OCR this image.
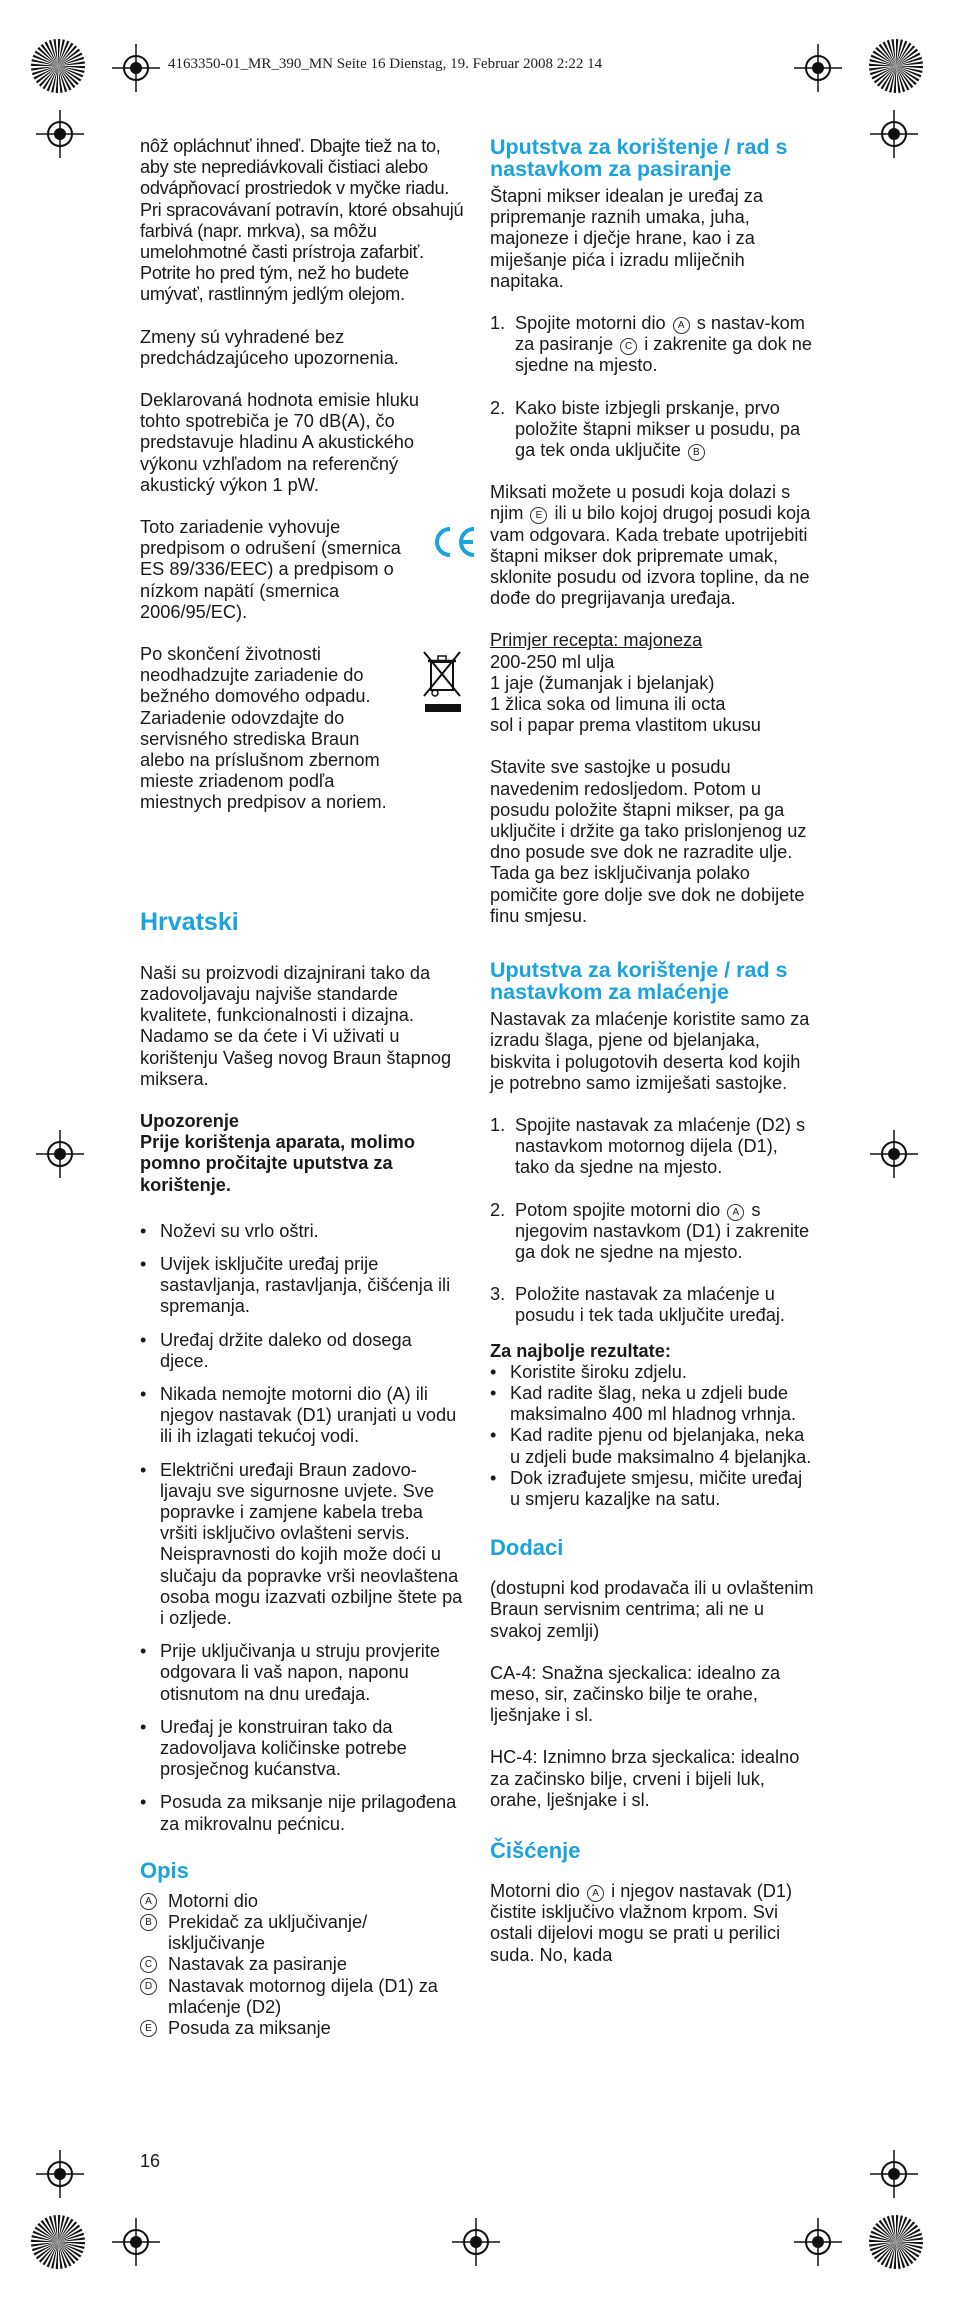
4163350-01_MR_390_MN Seite 16 Dienstag, 19. Februar 2008 2:22 14

nôž opláchnuť ihneď. Dbajte tiež na to, aby ste neprediávkovali čistiaci alebo odvápňovací prostriedok v myčke riadu.

Pri spracovávaní potravín, ktoré obsahujú farbivá (napr. mrkva), sa môžu umelohmotné časti prístroja zafarbiť. Potrite ho pred tým, než ho budete umývať, rastlinným jedlým olejom.

Zmeny sú vyhradené bez predchádzajúceho upozornenia.

Deklarovaná hodnota emisie hluku tohto spotrebiča je 70 dB(A), čo predstavuje hladinu A akustického výkonu vzhľadom na referenčný akustický výkon 1 pW.

Toto zariadenie vyhovuje predpisom o odrušení (smernica ES 89/336/EEC) a predpisom o nízkom napätí (smernica 2006/95/EC).

Po skončení životnosti neodhadzujte zariadenie do bežného domového odpadu. Zariadenie odovzdajte do servisného strediska Braun alebo na príslušnom zbernom mieste zriadenom podľa miestnych predpisov a noriem.

Hrvatski

Naši su proizvodi dizajnirani tako da zadovoljavaju najviše standarde kvalitete, funkcionalnosti i dizajna. Nadamo se da ćete i Vi uživati u korištenju Vašeg novog Braun štapnog miksera.

Upozorenje
Prije korištenja aparata, molimo pomno pročitajte uputstva za korištenje.
• Noževi su vrlo oštri.
• Uvijek isključite uređaj prije sastavljanja, rastavljanja, čišćenja ili spremanja.
• Uređaj držite daleko od dosega djece.
• Nikada nemojte motorni dio (A) ili njegov nastavak (D1) uranjati u vodu ili ih izlagati tekućoj vodi.
• Električni uređaji Braun zadovo-ljavaju sve sigurnosne uvjete. Sve popravke i zamjene kabela treba vršiti isključivo ovlašteni servis. Neispravnosti do kojih može doći u slučaju da popravke vrši neovlaštena osoba mogu izazvati ozbiljne štete pa i ozljede.
• Prije uključivanja u struju provjerite odgovara li vaš napon, naponu otisnutom na dnu uređaja.
• Uređaj je konstruiran tako da zadovoljava količinske potrebe prosječnog kućanstva.
• Posuda za miksanje nije prilagođena za mikrovalnu pećnicu.
Opis
A Motorni dio
B Prekidač za uključivanje/ isključivanje
C Nastavak za pasiranje
D Nastavak motornog dijela (D1) za mlaćenje (D2)
E Posuda za miksanje
16
Uputstva za korištenje / rad s nastavkom za pasiranje

Štapni mikser idealan je uređaj za pripremanje raznih umaka, juha, majoneze i dječje hrane, kao i za miješanje pića i izradu mliječnih napitaka.

1. Spojite motorni dio A s nastav-kom za pasiranje C i zakrenite ga dok ne sjedne na mjesto.
2. Kako biste izbjegli prskanje, prvo položite štapni mikser u posudu, pa ga tek onda uključite B

Miksati možete u posudi koja dolazi s njim E ili u bilo kojoj drugoj posudi koja vam odgovara. Kada trebate upotrijebiti štapni mikser dok pripremate umak, sklonite posudu od izvora topline, da ne dođe do pregrijavanja uređaja.

Primjer recepta: majoneza
200-250 ml ulja
1 jaje (žumanjak i bjelanjak)
1 žlica soka od limuna ili octa
sol i papar prema vlastitom ukusu

Stavite sve sastojke u posudu navedenim redosljedom. Potom u posudu položite štapni mikser, pa ga uključite i držite ga tako prislonjenog uz dno posude sve dok ne razradite ulje. Tada ga bez isključivanja polako pomičite gore dolje sve dok ne dobijete finu smjesu.

Uputstva za korištenje / rad s nastavkom za mlaćenje

Nastavak za mlaćenje koristite samo za izradu šlaga, pjene od bjelanjaka, biskvita i polugotovih deserta kod kojih je potrebno samo izmiješati sastojke.

1. Spojite nastavak za mlaćenje (D2) s nastavkom motornog dijela (D1), tako da sjedne na mjesto.
2. Potom spojite motorni dio A s njegovim nastavkom (D1) i zakrenite ga dok ne sjedne na mjesto.
3. Položite nastavak za mlaćenje u posudu i tek tada uključite uređaj.
Za najbolje rezultate:
• Koristite široku zdjelu.
• Kad radite šlag, neka u zdjeli bude maksimalno 400 ml hladnog vrhnja.
• Kad radite pjenu od bjelanjaka, neka u zdjeli bude maksimalno 4 bjelanjka.
• Dok izrađujete smjesu, mičite uređaj u smjeru kazaljke na satu.
Dodaci

(dostupni kod prodavača ili u ovlaštenim Braun servisnim centrima; ali ne u svakoj zemlji)

CA-4: Snažna sjeckalica: idealno za meso, sir, začinsko bilje te orahe, lješnjake i sl.

HC-4: Iznimno brza sjeckalica: idealno za začinsko bilje, crveni i bijeli luk, orahe, lješnjake i sl.

Čišćenje

Motorni dio A i njegov nastavak (D1) čistite isključivo vlažnom krpom. Svi ostali dijelovi mogu se prati u perilici suda. No, kada
